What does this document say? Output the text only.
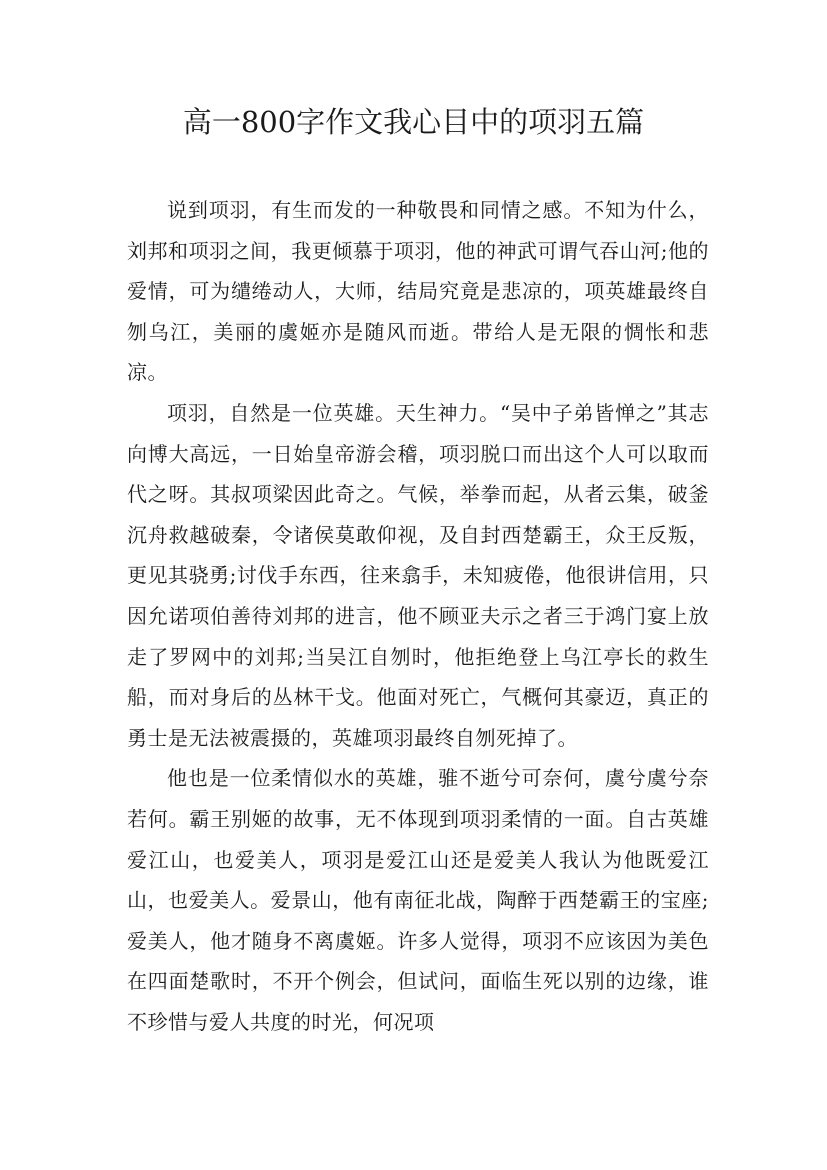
高一800字作文我心目中的项羽五篇

说到项羽，有生而发的一种敬畏和同情之感。不知为什么，刘邦和项羽之间，我更倾慕于项羽，他的神武可谓气吞山河;他的爱情，可为缱绻动人，大师，结局究竟是悲凉的，项英雄最终自刎乌江，美丽的虞姬亦是随风而逝。带给人是无限的惆怅和悲凉。

项羽，自然是一位英雄。天生神力。“吴中子弟皆惮之”其志向博大高远，一日始皇帝游会稽，项羽脱口而出这个人可以取而代之呀。其叔项梁因此奇之。气候，举拳而起，从者云集，破釜沉舟救越破秦，令诸侯莫敢仰视，及自封西楚霸王，众王反叛，更见其骁勇;讨伐手东西，往来翕手，未知疲倦，他很讲信用，只因允诺项伯善待刘邦的进言，他不顾亚夫示之者三于鸿门宴上放走了罗网中的刘邦;当吴江自刎时，他拒绝登上乌江亭长的救生船，而对身后的丛林干戈。他面对死亡，气概何其豪迈，真正的勇士是无法被震摄的，英雄项羽最终自刎死掉了。

他也是一位柔情似水的英雄，骓不逝兮可奈何，虞兮虞兮奈若何。霸王别姬的故事，无不体现到项羽柔情的一面。自古英雄爱江山，也爱美人，项羽是爱江山还是爱美人我认为他既爱江山，也爱美人。爱景山，他有南征北战，陶醉于西楚霸王的宝座;爱美人，他才随身不离虞姬。许多人觉得，项羽不应该因为美色在四面楚歌时，不开个例会，但试问，面临生死以别的边缘，谁不珍惜与爱人共度的时光，何况项
